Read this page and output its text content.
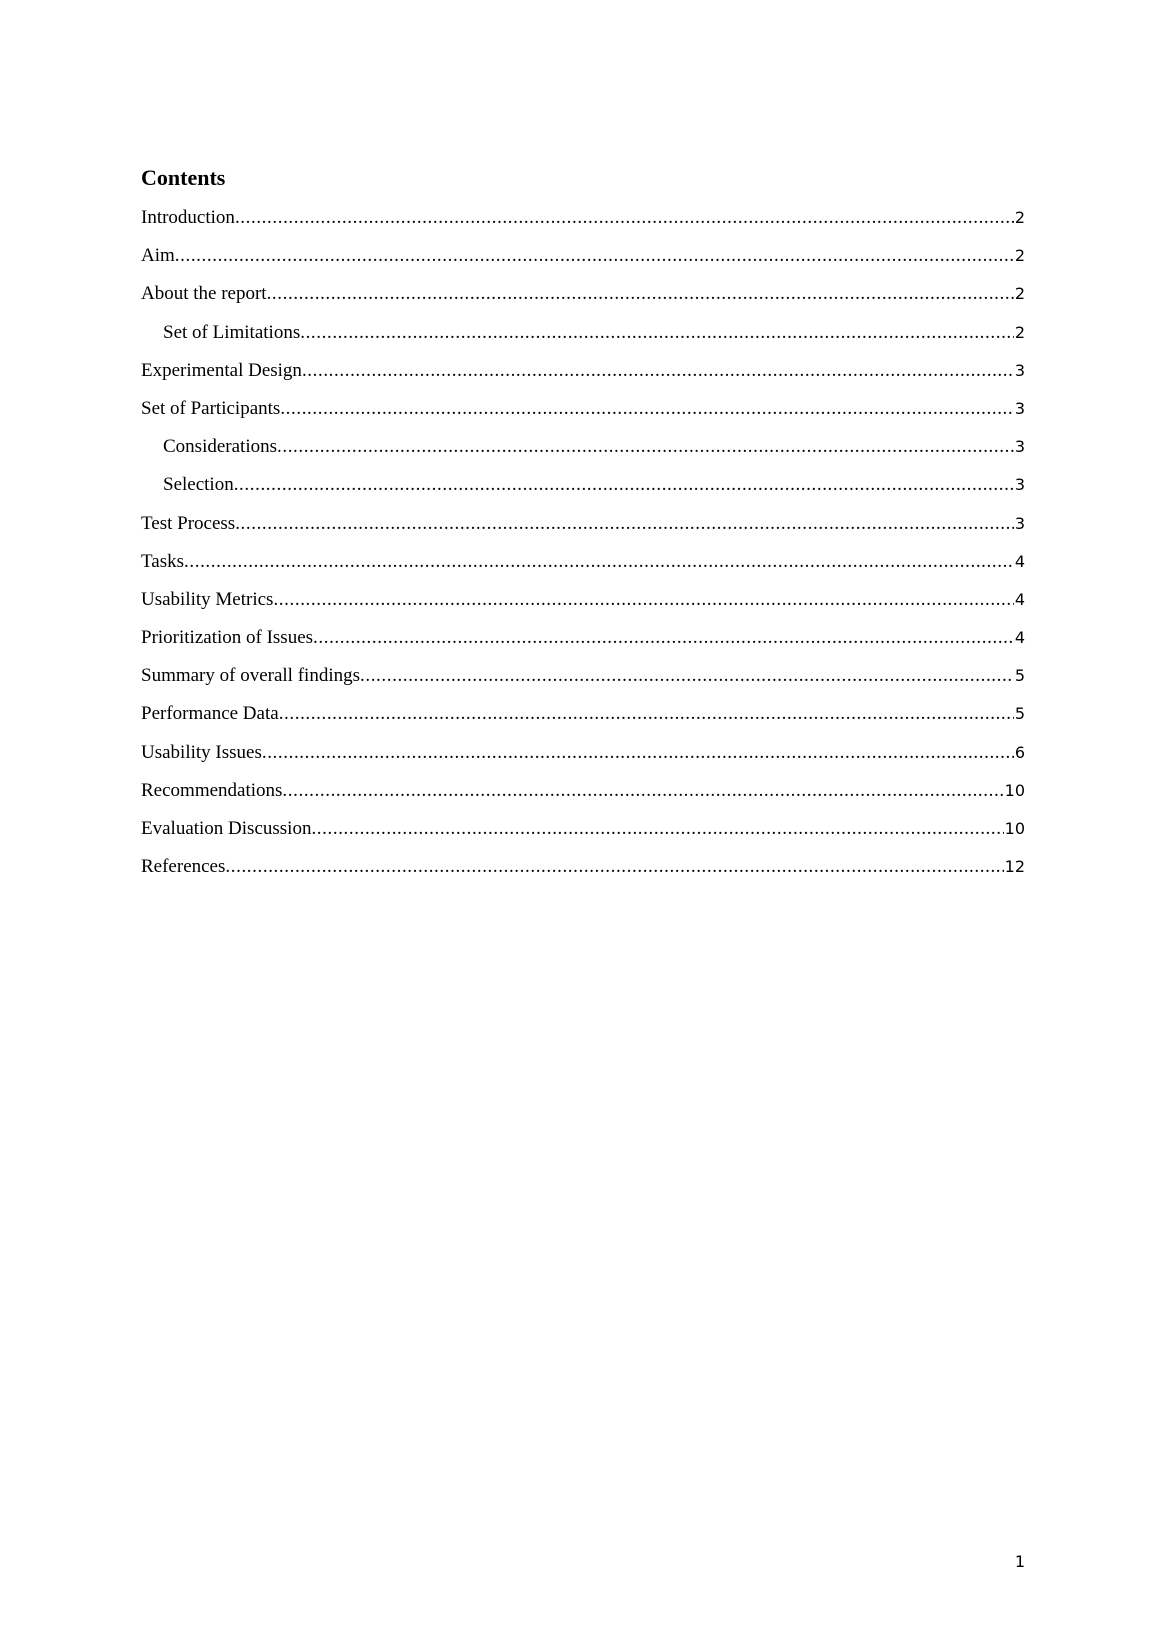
Contents
Introduction .....	2
Aim .....	2
About the report .....	2
Set of Limitations .....	2
Experimental Design .....	3
Set of Participants .....	3
Considerations .....	3
Selection .....	3
Test Process .....	3
Tasks .....	4
Usability Metrics .....	4
Prioritization of Issues .....	4
Summary of overall findings .....	5
Performance Data .....	5
Usability Issues .....	6
Recommendations .....	10
Evaluation Discussion .....	10
References .....	12
1
